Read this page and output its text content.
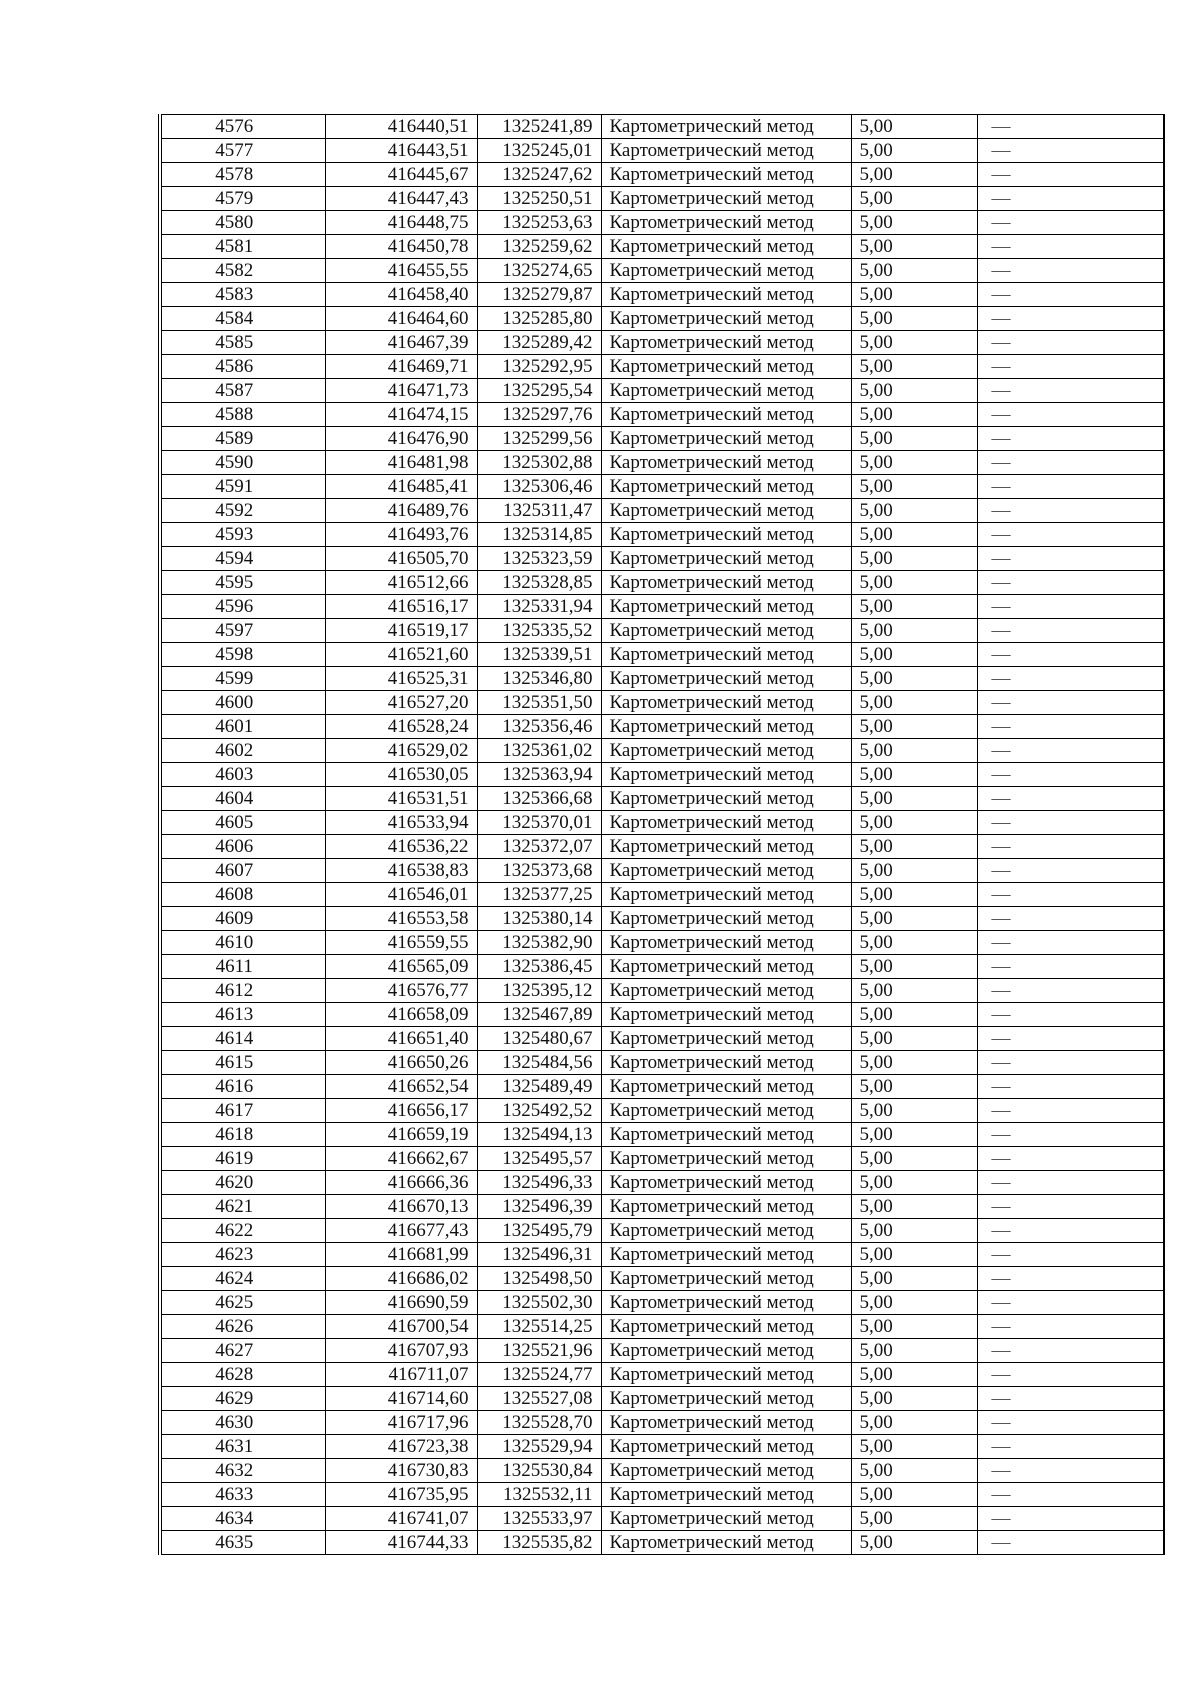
4576	416440,51	1325241,89	Картометрический метод	5,00	—
4577	416443,51	1325245,01	Картометрический метод	5,00	—
4578	416445,67	1325247,62	Картометрический метод	5,00	—
4579	416447,43	1325250,51	Картометрический метод	5,00	—
4580	416448,75	1325253,63	Картометрический метод	5,00	—
4581	416450,78	1325259,62	Картометрический метод	5,00	—
4582	416455,55	1325274,65	Картометрический метод	5,00	—
4583	416458,40	1325279,87	Картометрический метод	5,00	—
4584	416464,60	1325285,80	Картометрический метод	5,00	—
4585	416467,39	1325289,42	Картометрический метод	5,00	—
4586	416469,71	1325292,95	Картометрический метод	5,00	—
4587	416471,73	1325295,54	Картометрический метод	5,00	—
4588	416474,15	1325297,76	Картометрический метод	5,00	—
4589	416476,90	1325299,56	Картометрический метод	5,00	—
4590	416481,98	1325302,88	Картометрический метод	5,00	—
4591	416485,41	1325306,46	Картометрический метод	5,00	—
4592	416489,76	1325311,47	Картометрический метод	5,00	—
4593	416493,76	1325314,85	Картометрический метод	5,00	—
4594	416505,70	1325323,59	Картометрический метод	5,00	—
4595	416512,66	1325328,85	Картометрический метод	5,00	—
4596	416516,17	1325331,94	Картометрический метод	5,00	—
4597	416519,17	1325335,52	Картометрический метод	5,00	—
4598	416521,60	1325339,51	Картометрический метод	5,00	—
4599	416525,31	1325346,80	Картометрический метод	5,00	—
4600	416527,20	1325351,50	Картометрический метод	5,00	—
4601	416528,24	1325356,46	Картометрический метод	5,00	—
4602	416529,02	1325361,02	Картометрический метод	5,00	—
4603	416530,05	1325363,94	Картометрический метод	5,00	—
4604	416531,51	1325366,68	Картометрический метод	5,00	—
4605	416533,94	1325370,01	Картометрический метод	5,00	—
4606	416536,22	1325372,07	Картометрический метод	5,00	—
4607	416538,83	1325373,68	Картометрический метод	5,00	—
4608	416546,01	1325377,25	Картометрический метод	5,00	—
4609	416553,58	1325380,14	Картометрический метод	5,00	—
4610	416559,55	1325382,90	Картометрический метод	5,00	—
4611	416565,09	1325386,45	Картометрический метод	5,00	—
4612	416576,77	1325395,12	Картометрический метод	5,00	—
4613	416658,09	1325467,89	Картометрический метод	5,00	—
4614	416651,40	1325480,67	Картометрический метод	5,00	—
4615	416650,26	1325484,56	Картометрический метод	5,00	—
4616	416652,54	1325489,49	Картометрический метод	5,00	—
4617	416656,17	1325492,52	Картометрический метод	5,00	—
4618	416659,19	1325494,13	Картометрический метод	5,00	—
4619	416662,67	1325495,57	Картометрический метод	5,00	—
4620	416666,36	1325496,33	Картометрический метод	5,00	—
4621	416670,13	1325496,39	Картометрический метод	5,00	—
4622	416677,43	1325495,79	Картометрический метод	5,00	—
4623	416681,99	1325496,31	Картометрический метод	5,00	—
4624	416686,02	1325498,50	Картометрический метод	5,00	—
4625	416690,59	1325502,30	Картометрический метод	5,00	—
4626	416700,54	1325514,25	Картометрический метод	5,00	—
4627	416707,93	1325521,96	Картометрический метод	5,00	—
4628	416711,07	1325524,77	Картометрический метод	5,00	—
4629	416714,60	1325527,08	Картометрический метод	5,00	—
4630	416717,96	1325528,70	Картометрический метод	5,00	—
4631	416723,38	1325529,94	Картометрический метод	5,00	—
4632	416730,83	1325530,84	Картометрический метод	5,00	—
4633	416735,95	1325532,11	Картометрический метод	5,00	—
4634	416741,07	1325533,97	Картометрический метод	5,00	—
4635	416744,33	1325535,82	Картометрический метод	5,00	—
